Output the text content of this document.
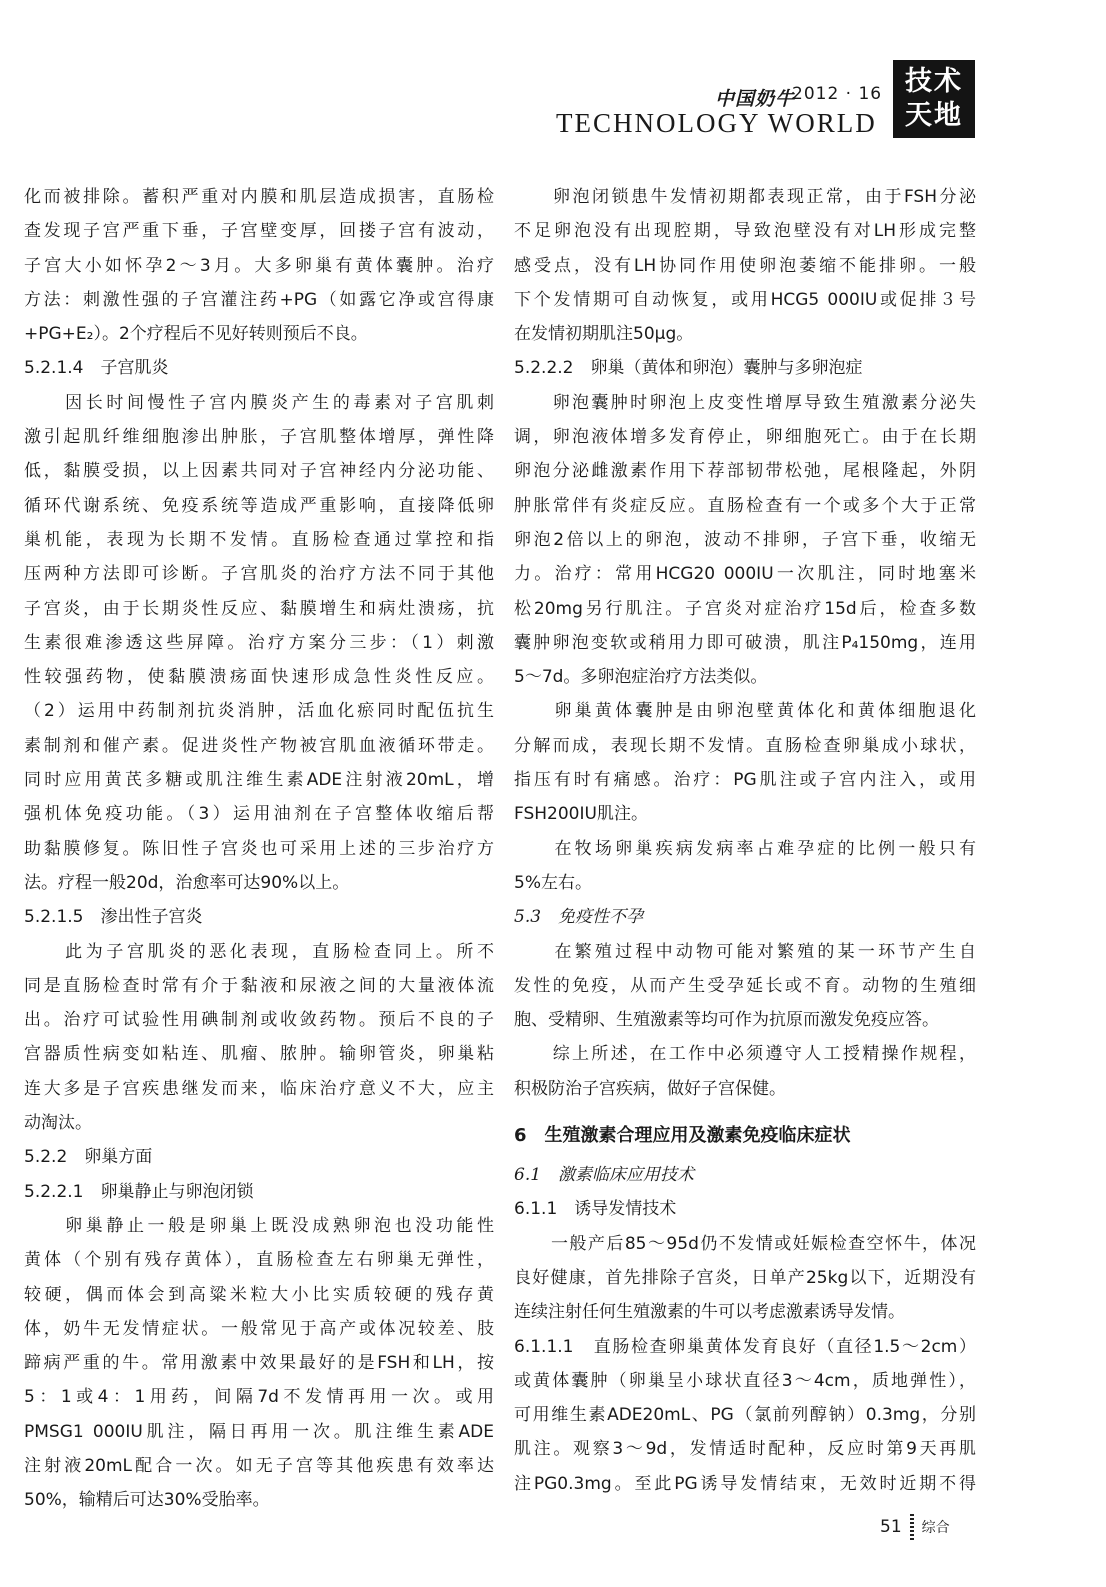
中国奶牛
2012 · 16
TECHNOLOGY WORLD
技术
天地
化而被排除。蓄积严重对内膜和肌层造成损害，直肠检
查发现子宫严重下垂，子宫壁变厚，回搂子宫有波动，
子宫大小如怀孕2～3月。大多卵巢有黄体囊肿。治疗
方法：刺激性强的子宫灌注药+PG（如露它净或宫得康
+PG+E₂）。2个疗程后不见好转则预后不良。
5.2.1.4　子宫肌炎
　　因长时间慢性子宫内膜炎产生的毒素对子宫肌刺
激引起肌纤维细胞渗出肿胀，子宫肌整体增厚，弹性降
低，黏膜受损，以上因素共同对子宫神经内分泌功能、
循环代谢系统、免疫系统等造成严重影响，直接降低卵
巢机能，表现为长期不发情。直肠检查通过掌控和指
压两种方法即可诊断。子宫肌炎的治疗方法不同于其他
子宫炎，由于长期炎性反应、黏膜增生和病灶溃疡，抗
生素很难渗透这些屏障。治疗方案分三步：（1）刺激
性较强药物，使黏膜溃疡面快速形成急性炎性反应。
（2）运用中药制剂抗炎消肿，活血化瘀同时配伍抗生
素制剂和催产素。促进炎性产物被宫肌血液循环带走。
同时应用黄芪多糖或肌注维生素ADE注射液20mL，增
强机体免疫功能。（3）运用油剂在子宫整体收缩后帮
助黏膜修复。陈旧性子宫炎也可采用上述的三步治疗方
法。疗程一般20d，治愈率可达90%以上。
5.2.1.5　渗出性子宫炎
　　此为子宫肌炎的恶化表现，直肠检查同上。所不
同是直肠检查时常有介于黏液和尿液之间的大量液体流
出。治疗可试验性用碘制剂或收敛药物。预后不良的子
宫器质性病变如粘连、肌瘤、脓肿。输卵管炎，卵巢粘
连大多是子宫疾患继发而来，临床治疗意义不大，应主
动淘汰。
5.2.2　卵巢方面
5.2.2.1　卵巢静止与卵泡闭锁
　　卵巢静止一般是卵巢上既没成熟卵泡也没功能性
黄体（个别有残存黄体），直肠检查左右卵巢无弹性，
较硬，偶而体会到高粱米粒大小比实质较硬的残存黄
体，奶牛无发情症状。一般常见于高产或体况较差、肢
蹄病严重的牛。常用激素中效果最好的是FSH和LH，按
5：1或4：1用药，间隔7d不发情再用一次。或用
PMSG1 000IU肌注，隔日再用一次。肌注维生素ADE
注射液20mL配合一次。如无子宫等其他疾患有效率达
50%，输精后可达30%受胎率。
　　卵泡闭锁患牛发情初期都表现正常，由于FSH分泌
不足卵泡没有出现腔期，导致泡壁没有对LH形成完整
感受点，没有LH协同作用使卵泡萎缩不能排卵。一般
下个发情期可自动恢复，或用HCG5 000IU或促排３号
在发情初期肌注50μg。
5.2.2.2　卵巢（黄体和卵泡）囊肿与多卵泡症
　　卵泡囊肿时卵泡上皮变性增厚导致生殖激素分泌失
调，卵泡液体增多发育停止，卵细胞死亡。由于在长期
卵泡分泌雌激素作用下荐部韧带松弛，尾根隆起，外阴
肿胀常伴有炎症反应。直肠检查有一个或多个大于正常
卵泡2倍以上的卵泡，波动不排卵，子宫下垂，收缩无
力。治疗：常用HCG20 000IU一次肌注，同时地塞米
松20mg另行肌注。子宫炎对症治疗15d后，检查多数
囊肿卵泡变软或稍用力即可破溃，肌注P₄150mg，连用
5～7d。多卵泡症治疗方法类似。
　　卵巢黄体囊肿是由卵泡壁黄体化和黄体细胞退化
分解而成，表现长期不发情。直肠检查卵巢成小球状，
指压有时有痛感。治疗：PG肌注或子宫内注入，或用
FSH200IU肌注。
　　在牧场卵巢疾病发病率占难孕症的比例一般只有
5%左右。
5.3　免疫性不孕
　　在繁殖过程中动物可能对繁殖的某一环节产生自
发性的免疫，从而产生受孕延长或不育。动物的生殖细
胞、受精卵、生殖激素等均可作为抗原而激发免疫应答。
　　综上所述，在工作中必须遵守人工授精操作规程，
积极防治子宫疾病，做好子宫保健。
6　生殖激素合理应用及激素免疫临床症状
6.1　激素临床应用技术
6.1.1　诱导发情技术
　　一般产后85～95d仍不发情或妊娠检查空怀牛，体况
良好健康，首先排除子宫炎，日单产25kg以下，近期没有
连续注射任何生殖激素的牛可以考虑激素诱导发情。
6.1.1.1　直肠检查卵巢黄体发育良好（直径1.5～2cm）
或黄体囊肿（卵巢呈小球状直径3～4cm，质地弹性），
可用维生素ADE20mL、PG（氯前列醇钠）0.3mg，分别
肌注。观察3～9d，发情适时配种，反应时第9天再肌
注PG0.3mg。至此PG诱导发情结束，无效时近期不得
51 综合
